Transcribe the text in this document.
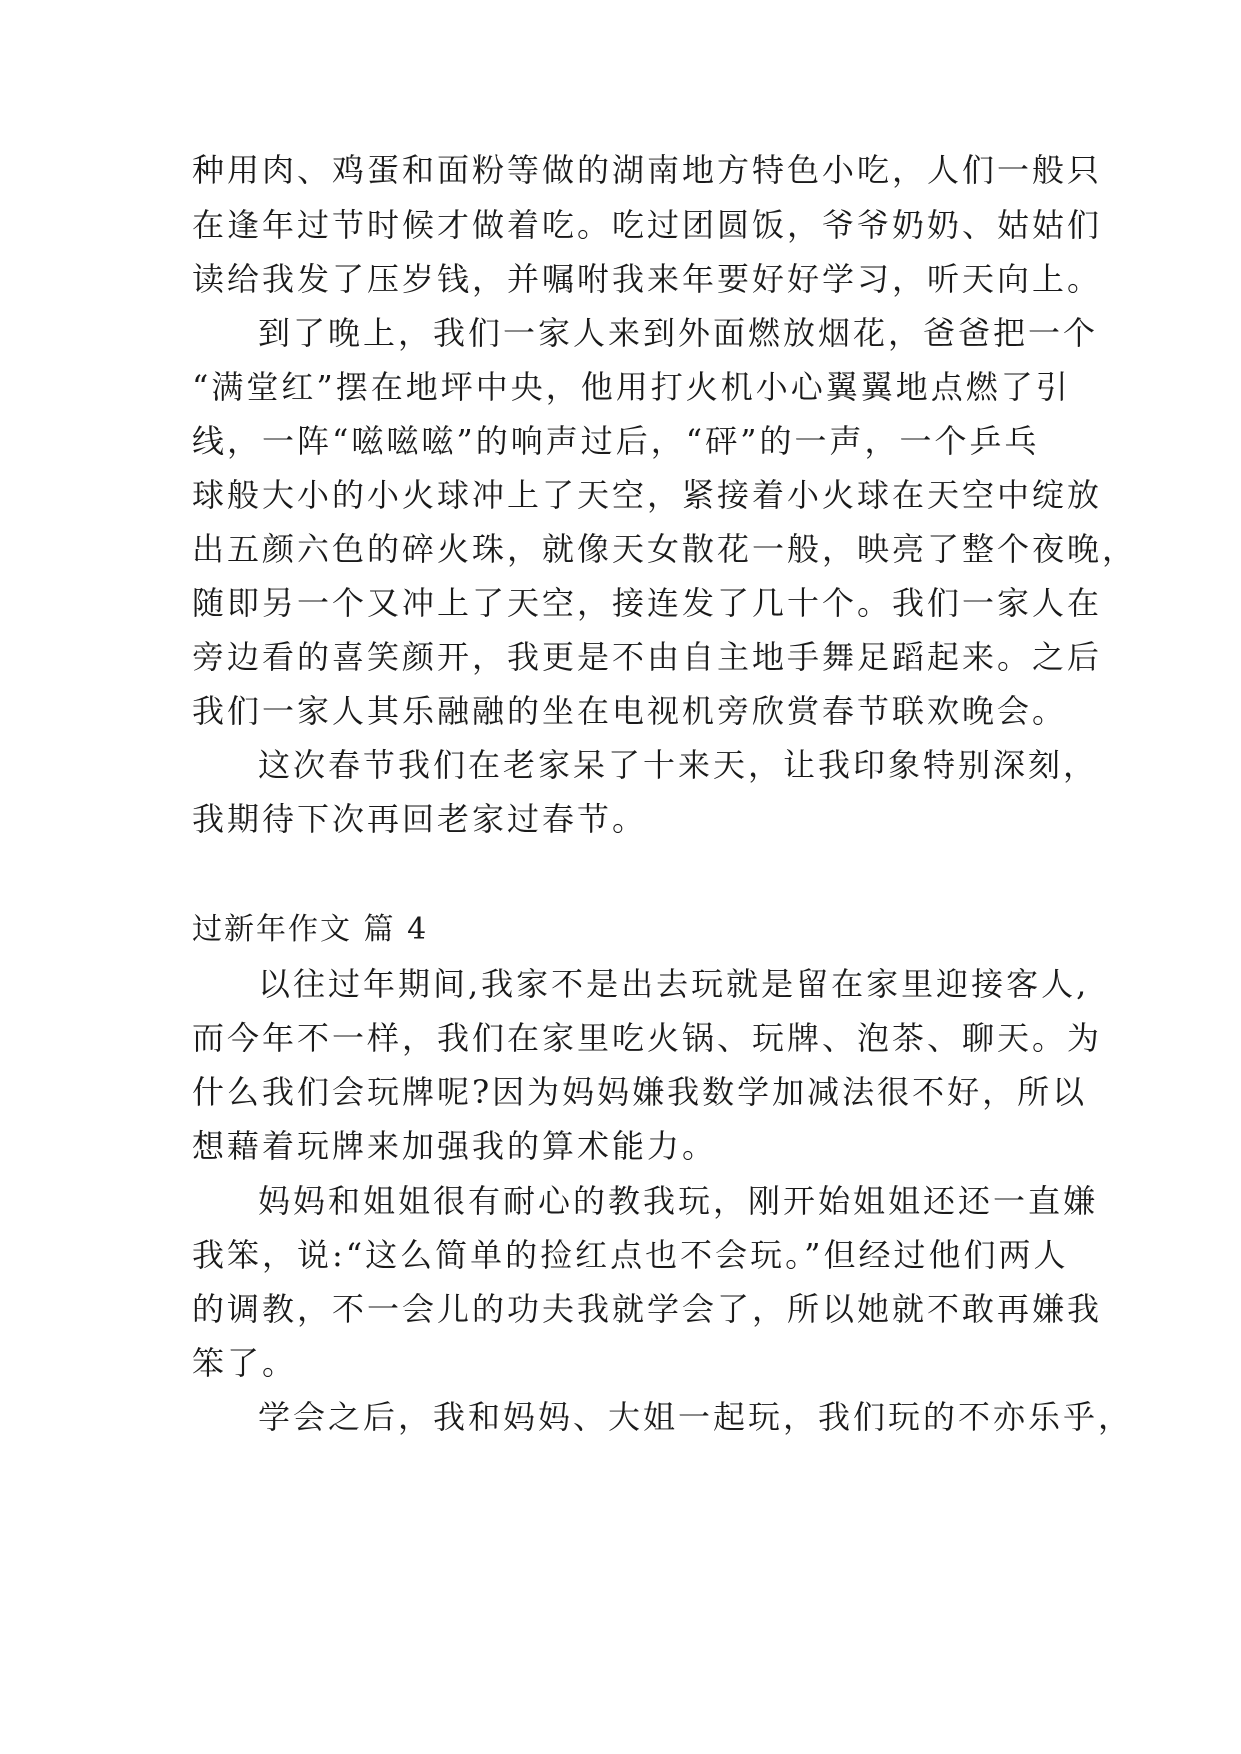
种用肉、鸡蛋和面粉等做的湖南地方特色小吃，人们一般只
在逢年过节时候才做着吃。吃过团圆饭，爷爷奶奶、姑姑们
读给我发了压岁钱，并嘱咐我来年要好好学习，听天向上。
到了晚上，我们一家人来到外面燃放烟花，爸爸把一个
“满堂红”摆在地坪中央，他用打火机小心翼翼地点燃了引
线，一阵“嗞嗞嗞”的响声过后，“砰”的一声，一个乒乓
球般大小的小火球冲上了天空，紧接着小火球在天空中绽放
出五颜六色的碎火珠，就像天女散花一般，映亮了整个夜晚，
随即另一个又冲上了天空，接连发了几十个。我们一家人在
旁边看的喜笑颜开，我更是不由自主地手舞足蹈起来。之后
我们一家人其乐融融的坐在电视机旁欣赏春节联欢晚会。
这次春节我们在老家呆了十来天，让我印象特别深刻，
我期待下次再回老家过春节。
过新年作文 篇 4
以往过年期间,我家不是出去玩就是留在家里迎接客人,
而今年不一样，我们在家里吃火锅、玩牌、泡茶、聊天。为
什么我们会玩牌呢?因为妈妈嫌我数学加减法很不好，所以
想藉着玩牌来加强我的算术能力。
妈妈和姐姐很有耐心的教我玩，刚开始姐姐还还一直嫌
我笨，说:“这么简单的捡红点也不会玩。”但经过他们两人
的调教，不一会儿的功夫我就学会了，所以她就不敢再嫌我
笨了。
学会之后，我和妈妈、大姐一起玩，我们玩的不亦乐乎，
